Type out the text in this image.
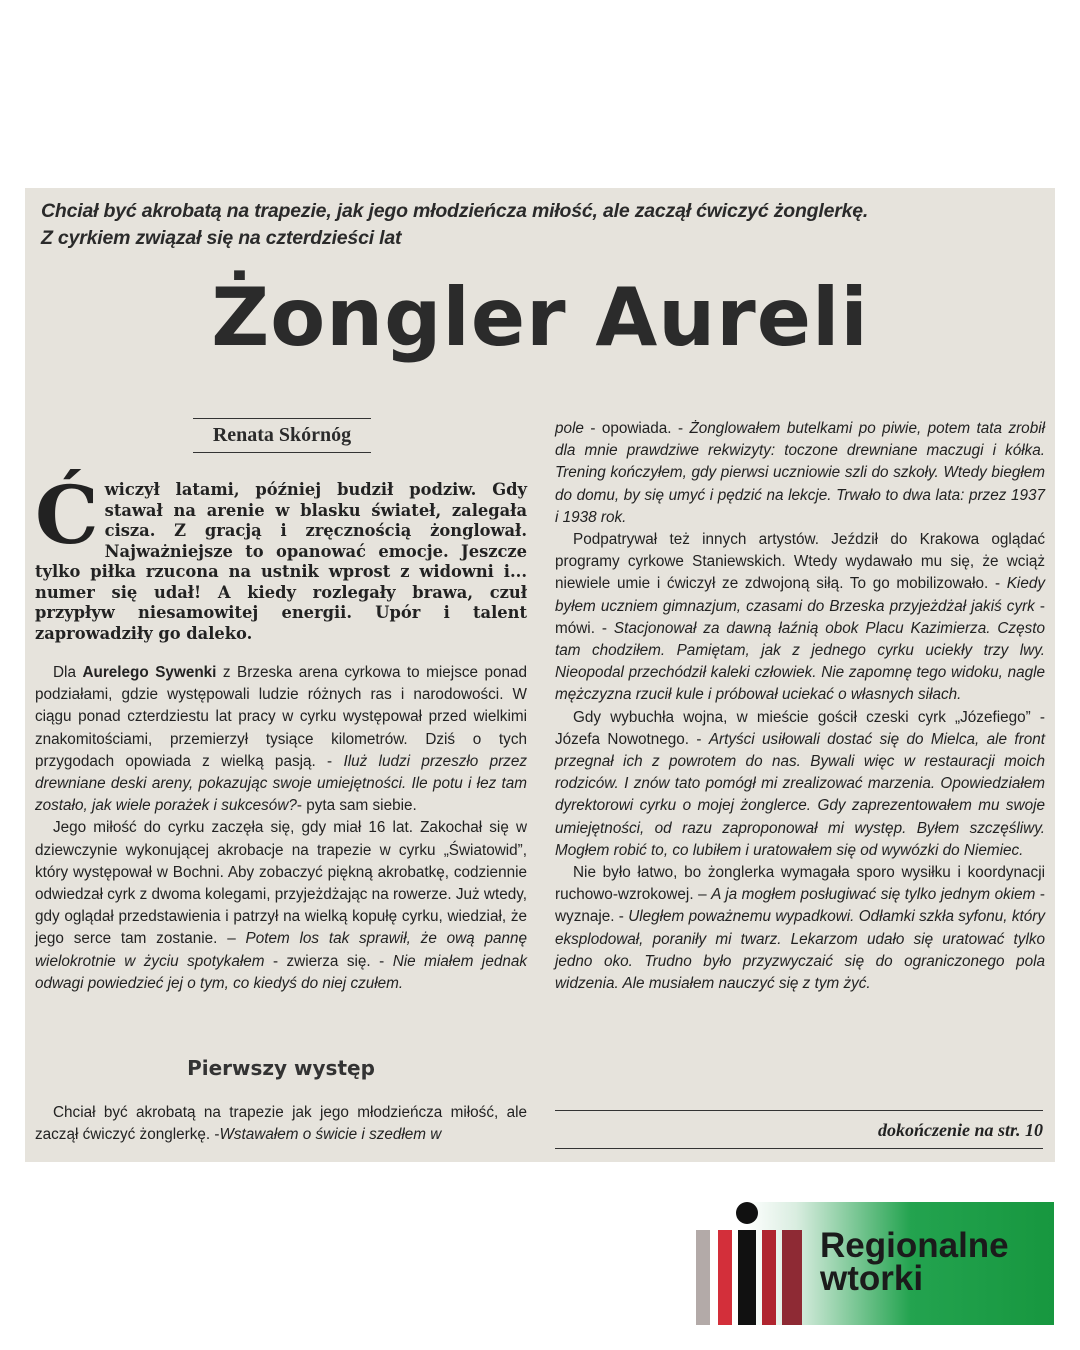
Chciał być akrobatą na trapezie, jak jego młodzieńcza miłość, ale zaczął ćwiczyć żonglerkę.
Z cyrkiem związał się na czterdzieści lat
Żongler Aureli
Renata Skórnóg
Ćwiczył latami, później budził podziw. Gdy stawał na arenie w blasku świateł, zalegała cisza. Z gracją i zręcznością żonglował. Najważniejsze to opanować emocje. Jeszcze tylko piłka rzucona na ustnik wprost z widowni i... numer się udał! A kiedy rozlegały brawa, czuł przypływ niesamowitej energii. Upór i talent zaprowadziły go daleko.

Dla Aurelego Sywenki z Brzeska arena cyrkowa to miejsce ponad podziałami, gdzie występowali ludzie różnych ras i narodowości. W ciągu ponad czterdziestu lat pracy w cyrku występował przed wielkimi znakomitościami, przemierzył tysiące kilometrów. Dziś o tych przygodach opowiada z wielką pasją. - Iluż ludzi przeszło przez drewniane deski areny, pokazując swoje umiejętności. Ile potu i łez tam zostało, jak wiele porażek i sukcesów?- pyta sam siebie.

Jego miłość do cyrku zaczęła się, gdy miał 16 lat. Zakochał się w dziewczynie wykonującej akrobacje na trapezie w cyrku „Światowid”, który występował w Bochni. Aby zobaczyć piękną akrobatkę, codziennie odwiedzał cyrk z dwoma kolegami, przyjeżdżając na rowerze. Już wtedy, gdy oglądał przedstawienia i patrzył na wielką kopułę cyrku, wiedział, że jego serce tam zostanie. – Potem los tak sprawił, że ową pannę wielokrotnie w życiu spotykałem - zwierza się. - Nie miałem jednak odwagi powiedzieć jej o tym, co kiedyś do niej czułem.

Pierwszy występ

Chciał być akrobatą na trapezie jak jego młodzieńcza miłość, ale zaczął ćwiczyć żonglerkę. -Wstawałem o świcie i szedłem w

pole - opowiada. - Żonglowałem butelkami po piwie, potem tata zrobił dla mnie prawdziwe rekwizyty: toczone drewniane maczugi i kółka. Trening kończyłem, gdy pierwsi uczniowie szli do szkoły. Wtedy biegłem do domu, by się umyć i pędzić na lekcje. Trwało to dwa lata: przez 1937 i 1938 rok.

Podpatrywał też innych artystów. Jeździł do Krakowa oglądać programy cyrkowe Staniewskich. Wtedy wydawało mu się, że wciąż niewiele umie i ćwiczył ze zdwojoną siłą. To go mobilizowało. - Kiedy byłem uczniem gimnazjum, czasami do Brzeska przyjeżdżał jakiś cyrk - mówi. - Stacjonował za dawną łaźnią obok Placu Kazimierza. Często tam chodziłem. Pamiętam, jak z jednego cyrku uciekły trzy lwy. Nieopodal przechódził kaleki człowiek. Nie zapomnę tego widoku, nagle mężczyzna rzucił kule i próbował uciekać o własnych siłach.

Gdy wybuchła wojna, w mieście gościł czeski cyrk „Józefiego” - Józefa Nowotnego. - Artyści usiłowali dostać się do Mielca, ale front przegnał ich z powrotem do nas. Bywali więc w restauracji moich rodziców. I znów tato pomógł mi zrealizować marzenia. Opowiedziałem dyrektorowi cyrku o mojej żonglerce. Gdy zaprezentowałem mu swoje umiejętności, od razu zaproponował mi występ. Byłem szczęśliwy. Mogłem robić to, co lubiłem i uratowałem się od wywózki do Niemiec.

Nie było łatwo, bo żonglerka wymagała sporo wysiłku i koordynacji ruchowo-wzrokowej. – A ja mogłem posługiwać się tylko jednym okiem - wyznaje. - Uległem poważnemu wypadkowi. Odłamki szkła syfonu, który eksplodował, poraniły mi twarz. Lekarzom udało się uratować tylko jedno oko. Trudno było przyzwyczaić się do ograniczonego pola widzenia. Ale musiałem nauczyć się z tym żyć.

dokończenie na str. 10
Regionalne
wtorki
